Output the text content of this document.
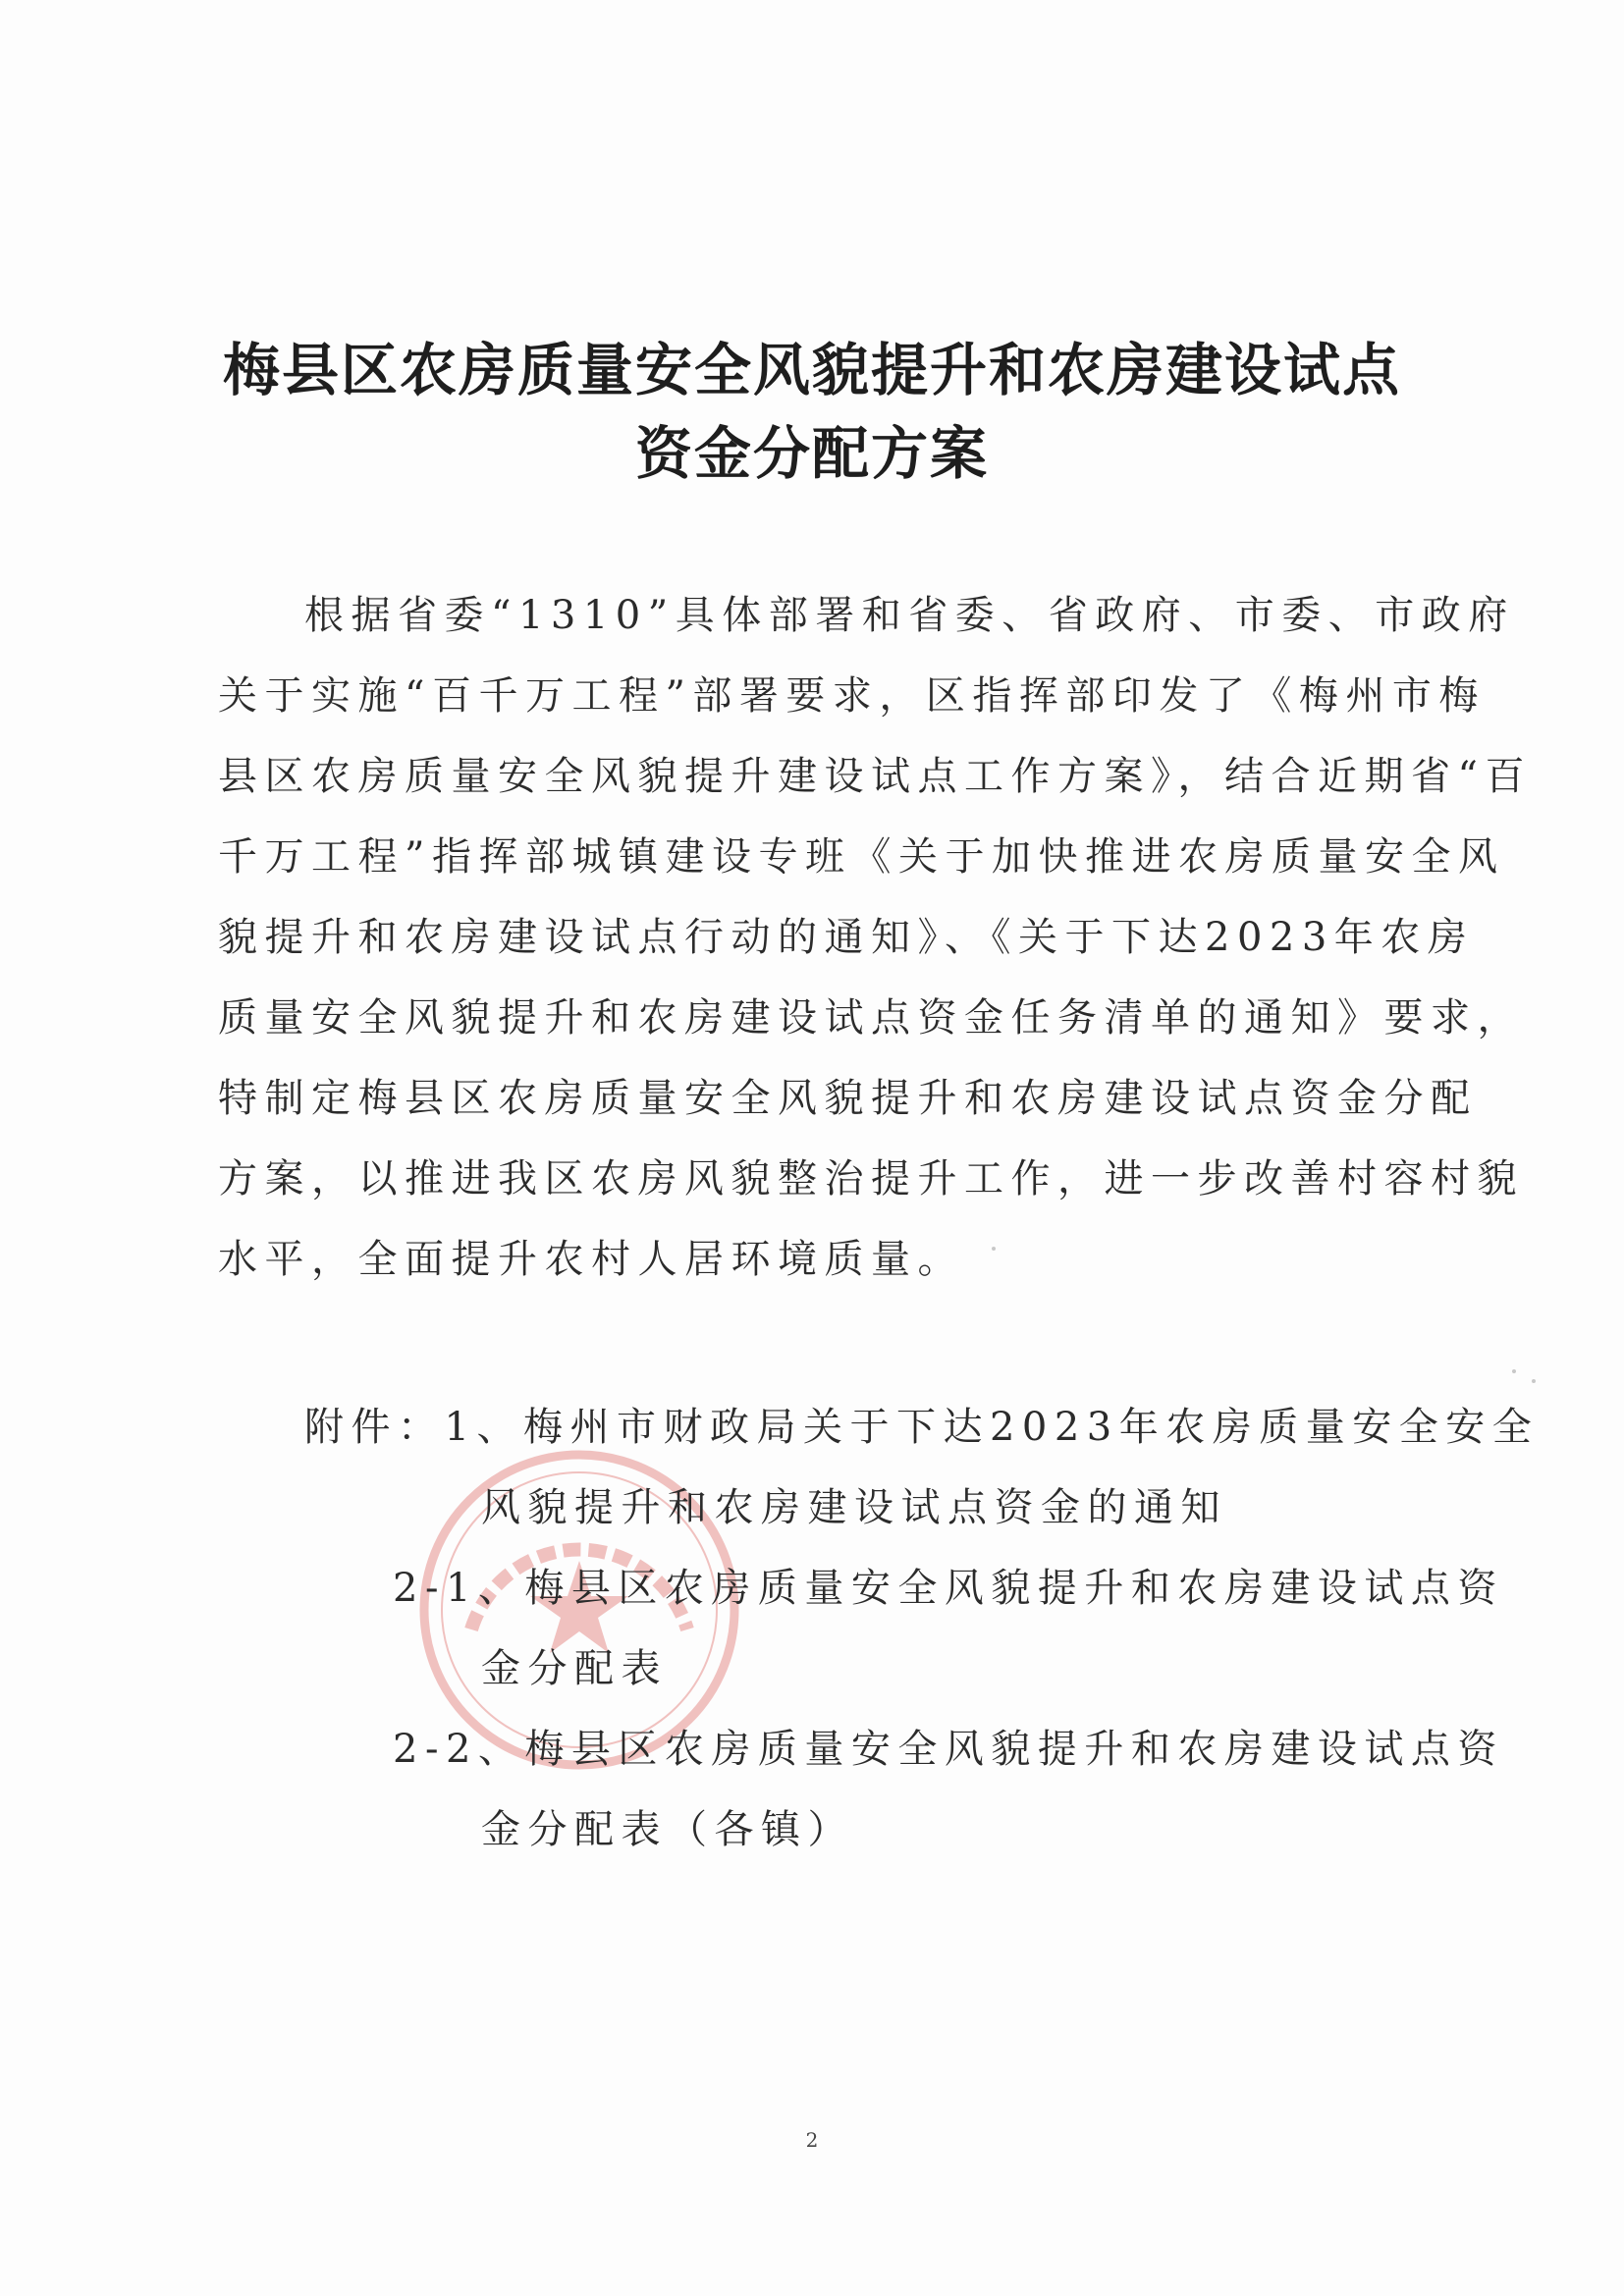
梅县区农房质量安全风貌提升和农房建设试点
资金分配方案
根据省委“1310”具体部署和省委、省政府、市委、市政府
关于实施“百千万工程”部署要求，区指挥部印发了《梅州市梅
县区农房质量安全风貌提升建设试点工作方案》，结合近期省“百
千万工程”指挥部城镇建设专班《关于加快推进农房质量安全风
貌提升和农房建设试点行动的通知》、《关于下达2023年农房
质量安全风貌提升和农房建设试点资金任务清单的通知》要求，
特制定梅县区农房质量安全风貌提升和农房建设试点资金分配
方案，以推进我区农房风貌整治提升工作，进一步改善村容村貌
水平，全面提升农村人居环境质量。
附件：1、梅州市财政局关于下达2023年农房质量安全安全
风貌提升和农房建设试点资金的通知
2-1、梅县区农房质量安全风貌提升和农房建设试点资
金分配表
2-2、梅县区农房质量安全风貌提升和农房建设试点资
金分配表（各镇）
2
